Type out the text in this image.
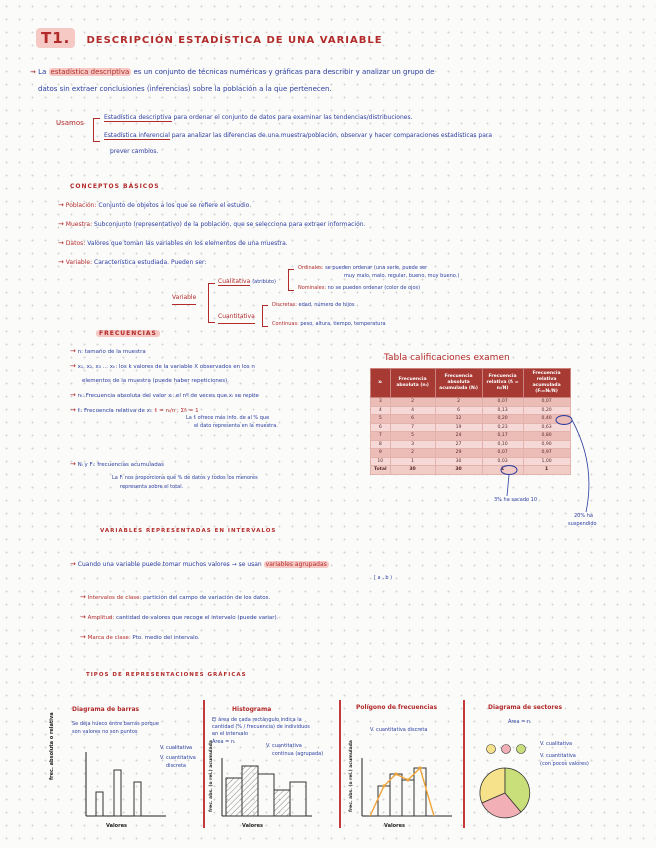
T1. DESCRIPCIÓN ESTADÍSTICA DE UNA VARIABLE
→ La estadística descriptiva es un conjunto de técnicas numéricas y gráficas para describir y analizar un grupo de
datos sin extraer conclusiones (inferencias) sobre la población a la que pertenecen.
Usamos
Estadística descriptiva para ordenar el conjunto de datos para examinar las tendencias/distribuciones.
Estadística inferencial para analizar las diferencias de una muestra/población, observar y hacer comparaciones estadísticas para
prever cambios.
CONCEPTOS BÁSICOS
→ Población: Conjunto de objetos a los que se refiere el estudio.
→ Muestra: Subconjunto (representativo) de la población, que se selecciona para extraer información.
→ Datos: Valores que toman las variables en los elementos de una muestra.
→ Variable: Característica estudiada. Pueden ser:
Variable
Cualitativa (atributo)
Ordinales: se pueden ordenar (una serie, puede ser
muy malo, malo, regular, bueno, muy bueno.)
Nominales: no se pueden ordenar (color de ojos)
Cuantitativa
Discretas: edad, número de hijos
Continuas: peso, altura, tiempo, temperatura
FRECUENCIAS
→ n: tamaño de la muestra
→ x₁, x₂, x₃ ... xₖ: los k valores de la variable X observados en los n
elementos de la muestra (puede haber repeticiones).
→ nᵢ: Frecuencia absoluta del valor xᵢ: el nº de veces que xᵢ se repite
→ fᵢ: Frecuencia relativa de xᵢ: fᵢ = nᵢ/n ; Σfᵢ = 1
La fᵢ ofrece más info. de al % que
el dato representa en la muestra.
→ Nᵢ y Fᵢ: frecuencias acumuladas
La Fᵢ nos proporciona qué % de datos y todos los menores
representa sobre el total.
Tabla calificaciones examen
xᵢ	Frecuencia absoluta (nᵢ)	Frecuencia absoluta acumulada (Nᵢ)	Frecuencia relativa (fᵢ = nᵢ/N)	Frecuencia relativa acumulada (Fᵢ=Nᵢ/N)
3	2	2	0,07	0,07
4	4	6	0,13	0,20
5	6	12	0,20	0,40
6	7	19	0,23	0,63
7	5	24	0,17	0,80
8	3	27	0,10	0,90
9	2	29	0,07	0,97
10	1	30	0,03	1,00
Total	30	30	1	1
3% ha sacado 10
20% ha
suspendido
VARIABLES REPRESENTADAS EN INTERVALOS
→ Cuando una variable puede tomar muchos valores → se usan variables agrupadas
[ a , b )
→ Intervalos de clase: partición del campo de variación de los datos.
→ Amplitud: cantidad de valores que recoge el intervalo (puede variar).
→ Marca de clase: Pto. medio del intervalo.
TIPOS DE REPRESENTACIONES GRÁFICAS
Diagrama de barras
Se deja hueco entre barras porque
son valores no son puntos
V. cualitativa
V. cuantitativa
discreta
frec. absoluta o relativa
Valores
Histograma
El área de cada rectángulo indica la
cantidad (% / frecuencia) de individuos
en el intervalo
Área = nᵢ
V. cuantitativa
continua (agrupada)
frec. abs. (o rel.) acumulada
Valores
Polígono de frecuencias
V. cuantitativa discreta
frec. abs. (o rel.) acumulada
Valores
Diagrama de sectores
Área = nᵢ
V. cualitativa
V. cuantitativa
(con pocos valores)
